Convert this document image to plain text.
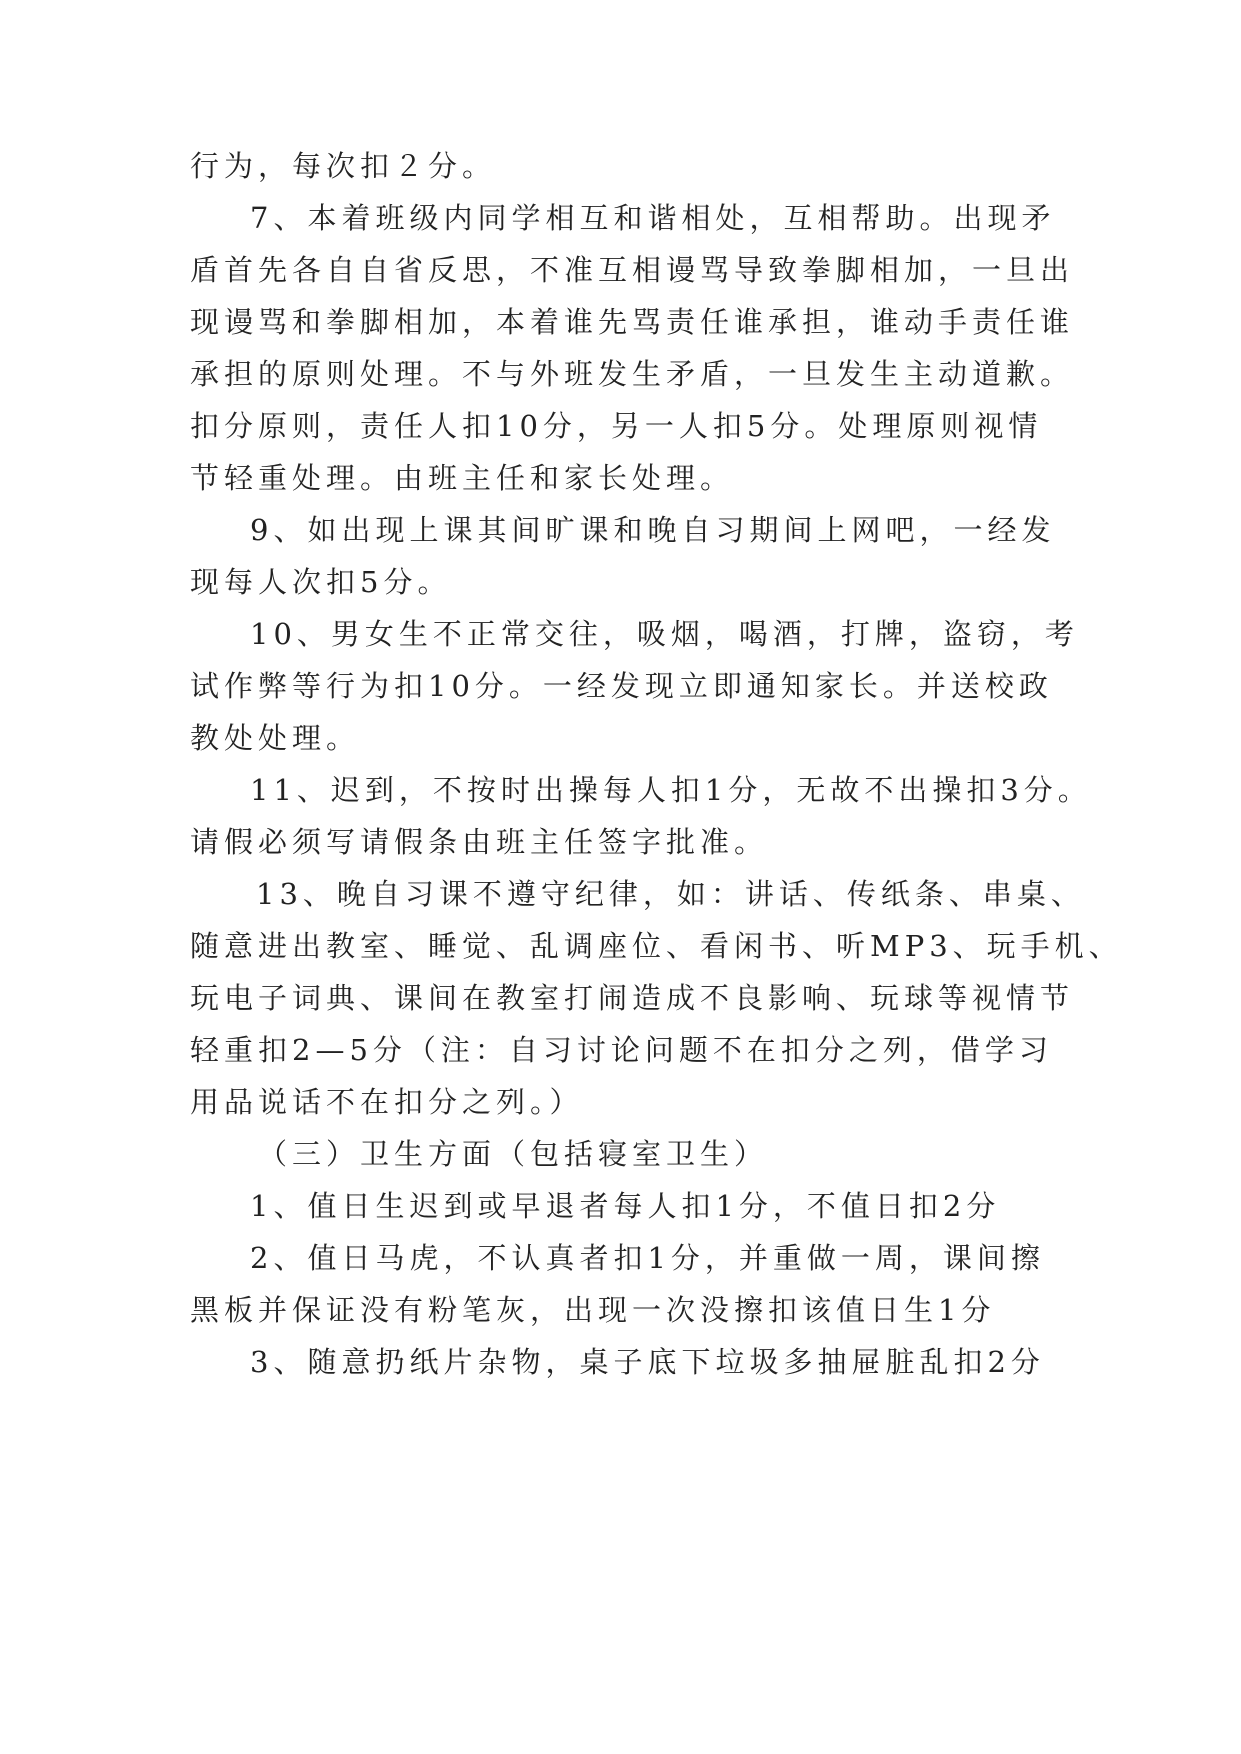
行为，每次扣２分。

7、本着班级内同学相互和谐相处，互相帮助。出现矛

盾首先各自自省反思，不准互相谩骂导致拳脚相加，一旦出

现谩骂和拳脚相加，本着谁先骂责任谁承担，谁动手责任谁

承担的原则处理。不与外班发生矛盾，一旦发生主动道歉。

扣分原则，责任人扣10分，另一人扣5分。处理原则视情

节轻重处理。由班主任和家长处理。

9、如出现上课其间旷课和晚自习期间上网吧，一经发

现每人次扣5分。

10、男女生不正常交往，吸烟，喝酒，打牌，盗窃，考

试作弊等行为扣10分。一经发现立即通知家长。并送校政

教处处理。

11、迟到，不按时出操每人扣1分，无故不出操扣3分。

请假必须写请假条由班主任签字批准。

13、晚自习课不遵守纪律，如：讲话、传纸条、串桌、

随意进出教室、睡觉、乱调座位、看闲书、听MP3、玩手机、

玩电子词典、课间在教室打闹造成不良影响、玩球等视情节

轻重扣2—5分（注：自习讨论问题不在扣分之列，借学习

用品说话不在扣分之列。）

（三）卫生方面（包括寝室卫生）

1、值日生迟到或早退者每人扣1分，不值日扣2分

2、值日马虎，不认真者扣1分，并重做一周，课间擦

黑板并保证没有粉笔灰，出现一次没擦扣该值日生1分

3、随意扔纸片杂物，桌子底下垃圾多抽屉脏乱扣2分
